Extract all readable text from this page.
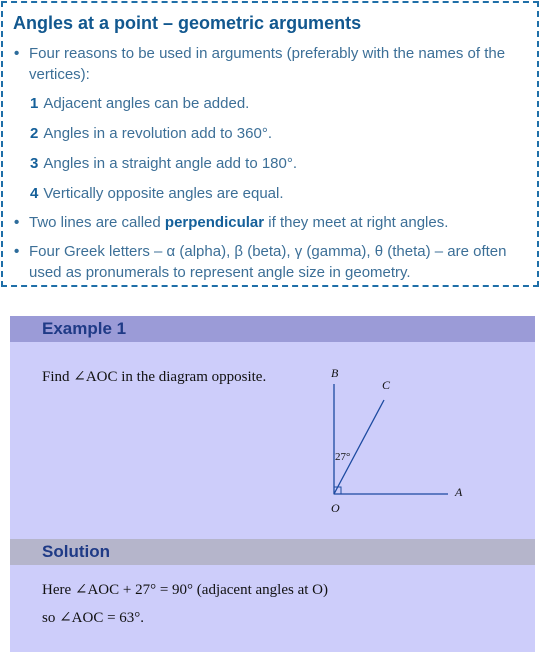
Angles at a point – geometric arguments
• Four reasons to be used in arguments (preferably with the names of the vertices):
1 Adjacent angles can be added.
2 Angles in a revolution add to 360°.
3 Angles in a straight angle add to 180°.
4 Vertically opposite angles are equal.
• Two lines are called perpendicular if they meet at right angles.
• Four Greek letters – α (alpha), β (beta), γ (gamma), θ (theta) – are often used as pronumerals to represent angle size in geometry.
Example 1
Find ∠AOC in the diagram opposite.	B
C
A
O
27°
Solution
Here ∠AOC + 27° = 90° (adjacent angles at O)
so ∠AOC = 63°.
